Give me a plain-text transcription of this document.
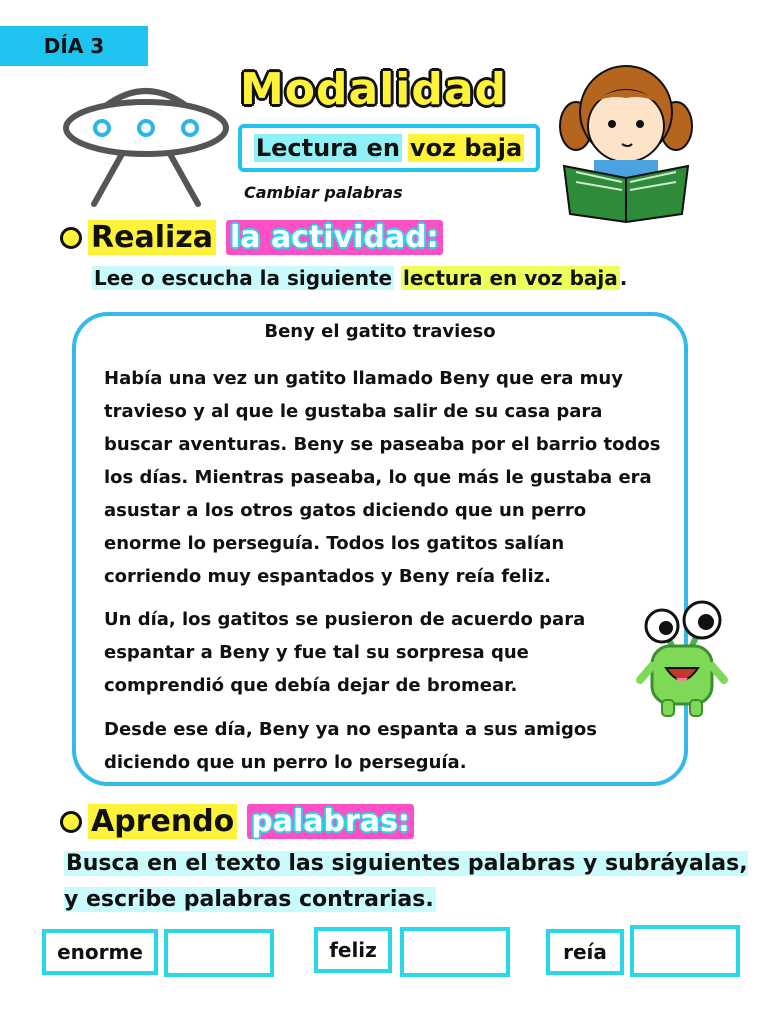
DÍA 3
Modalidad
Lectura en voz baja
Cambiar palabras
Realiza la actividad:
Lee o escucha la siguiente lectura en voz baja .
Beny el gatito travieso

Había una vez un gatito llamado Beny que era muy travieso y al que le gustaba salir de su casa para buscar aventuras. Beny se paseaba por el barrio todos los días. Mientras paseaba, lo que más le gustaba era asustar a los otros gatos diciendo que un perro enorme lo perseguía. Todos los gatitos salían corriendo muy espantados y Beny reía feliz.

Un día, los gatitos se pusieron de acuerdo para espantar a Beny y fue tal su sorpresa que comprendió que debía dejar de bromear.

Desde ese día, Beny ya no espanta a sus amigos diciendo que un perro lo perseguía.

Aprendo palabras:
Busca en el texto las siguientes palabras y subráyalas, y escribe palabras contrarias.
enorme	feliz	reía
